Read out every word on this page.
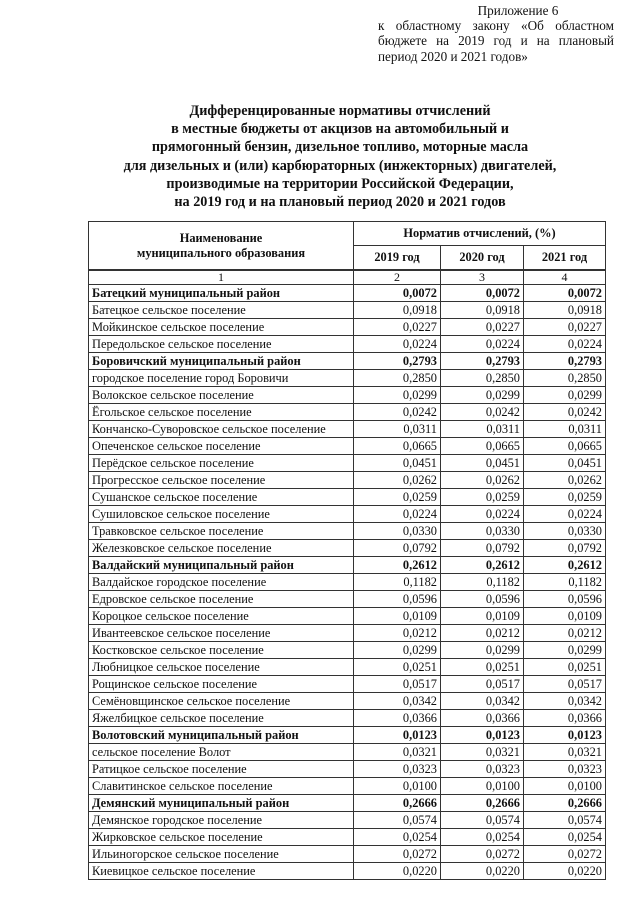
Приложение 6
к областному закону «Об областном
бюджете на 2019 год и на плановый
период 2020 и 2021 годов»
Дифференцированные нормативы отчислений
в местные бюджеты от акцизов на автомобильный и
прямогонный бензин, дизельное топливо, моторные масла
для дизельных и (или) карбюраторных (инжекторных) двигателей,
производимые на территории Российской Федерации,
на 2019 год и на плановый период 2020 и 2021 годов
Наименование
муниципального образования	Норматив отчислений, (%)		
	2019 год	2020 год	2021 год
1	2	3	4
Батецкий муниципальный район	0,0072	0,0072	0,0072
Батецкое сельское поселение	0,0918	0,0918	0,0918
Мойкинское сельское поселение	0,0227	0,0227	0,0227
Передольское сельское поселение	0,0224	0,0224	0,0224
Боровичский муниципальный район	0,2793	0,2793	0,2793
городское поселение город Боровичи	0,2850	0,2850	0,2850
Волокское сельское поселение	0,0299	0,0299	0,0299
Ёгольское сельское поселение	0,0242	0,0242	0,0242
Кончанско-Суворовское сельское поселение	0,0311	0,0311	0,0311
Опеченское сельское поселение	0,0665	0,0665	0,0665
Перёдское сельское поселение	0,0451	0,0451	0,0451
Прогресское сельское поселение	0,0262	0,0262	0,0262
Сушанское сельское поселение	0,0259	0,0259	0,0259
Сушиловское сельское поселение	0,0224	0,0224	0,0224
Травковское сельское поселение	0,0330	0,0330	0,0330
Железковское сельское поселение	0,0792	0,0792	0,0792
Валдайский муниципальный район	0,2612	0,2612	0,2612
Валдайское городское поселение	0,1182	0,1182	0,1182
Едровское сельское поселение	0,0596	0,0596	0,0596
Короцкое сельское поселение	0,0109	0,0109	0,0109
Ивантеевское сельское поселение	0,0212	0,0212	0,0212
Костковское сельское поселение	0,0299	0,0299	0,0299
Любницкое сельское поселение	0,0251	0,0251	0,0251
Рощинское сельское поселение	0,0517	0,0517	0,0517
Семёновщинское сельское поселение	0,0342	0,0342	0,0342
Яжелбицкое сельское поселение	0,0366	0,0366	0,0366
Волотовский муниципальный район	0,0123	0,0123	0,0123
сельское поселение Волот	0,0321	0,0321	0,0321
Ратицкое сельское поселение	0,0323	0,0323	0,0323
Славитинское сельское поселение	0,0100	0,0100	0,0100
Демянский муниципальный район	0,2666	0,2666	0,2666
Демянское городское поселение	0,0574	0,0574	0,0574
Жирковское сельское поселение	0,0254	0,0254	0,0254
Ильиногорское сельское поселение	0,0272	0,0272	0,0272
Киевицкое сельское поселение	0,0220	0,0220	0,0220
